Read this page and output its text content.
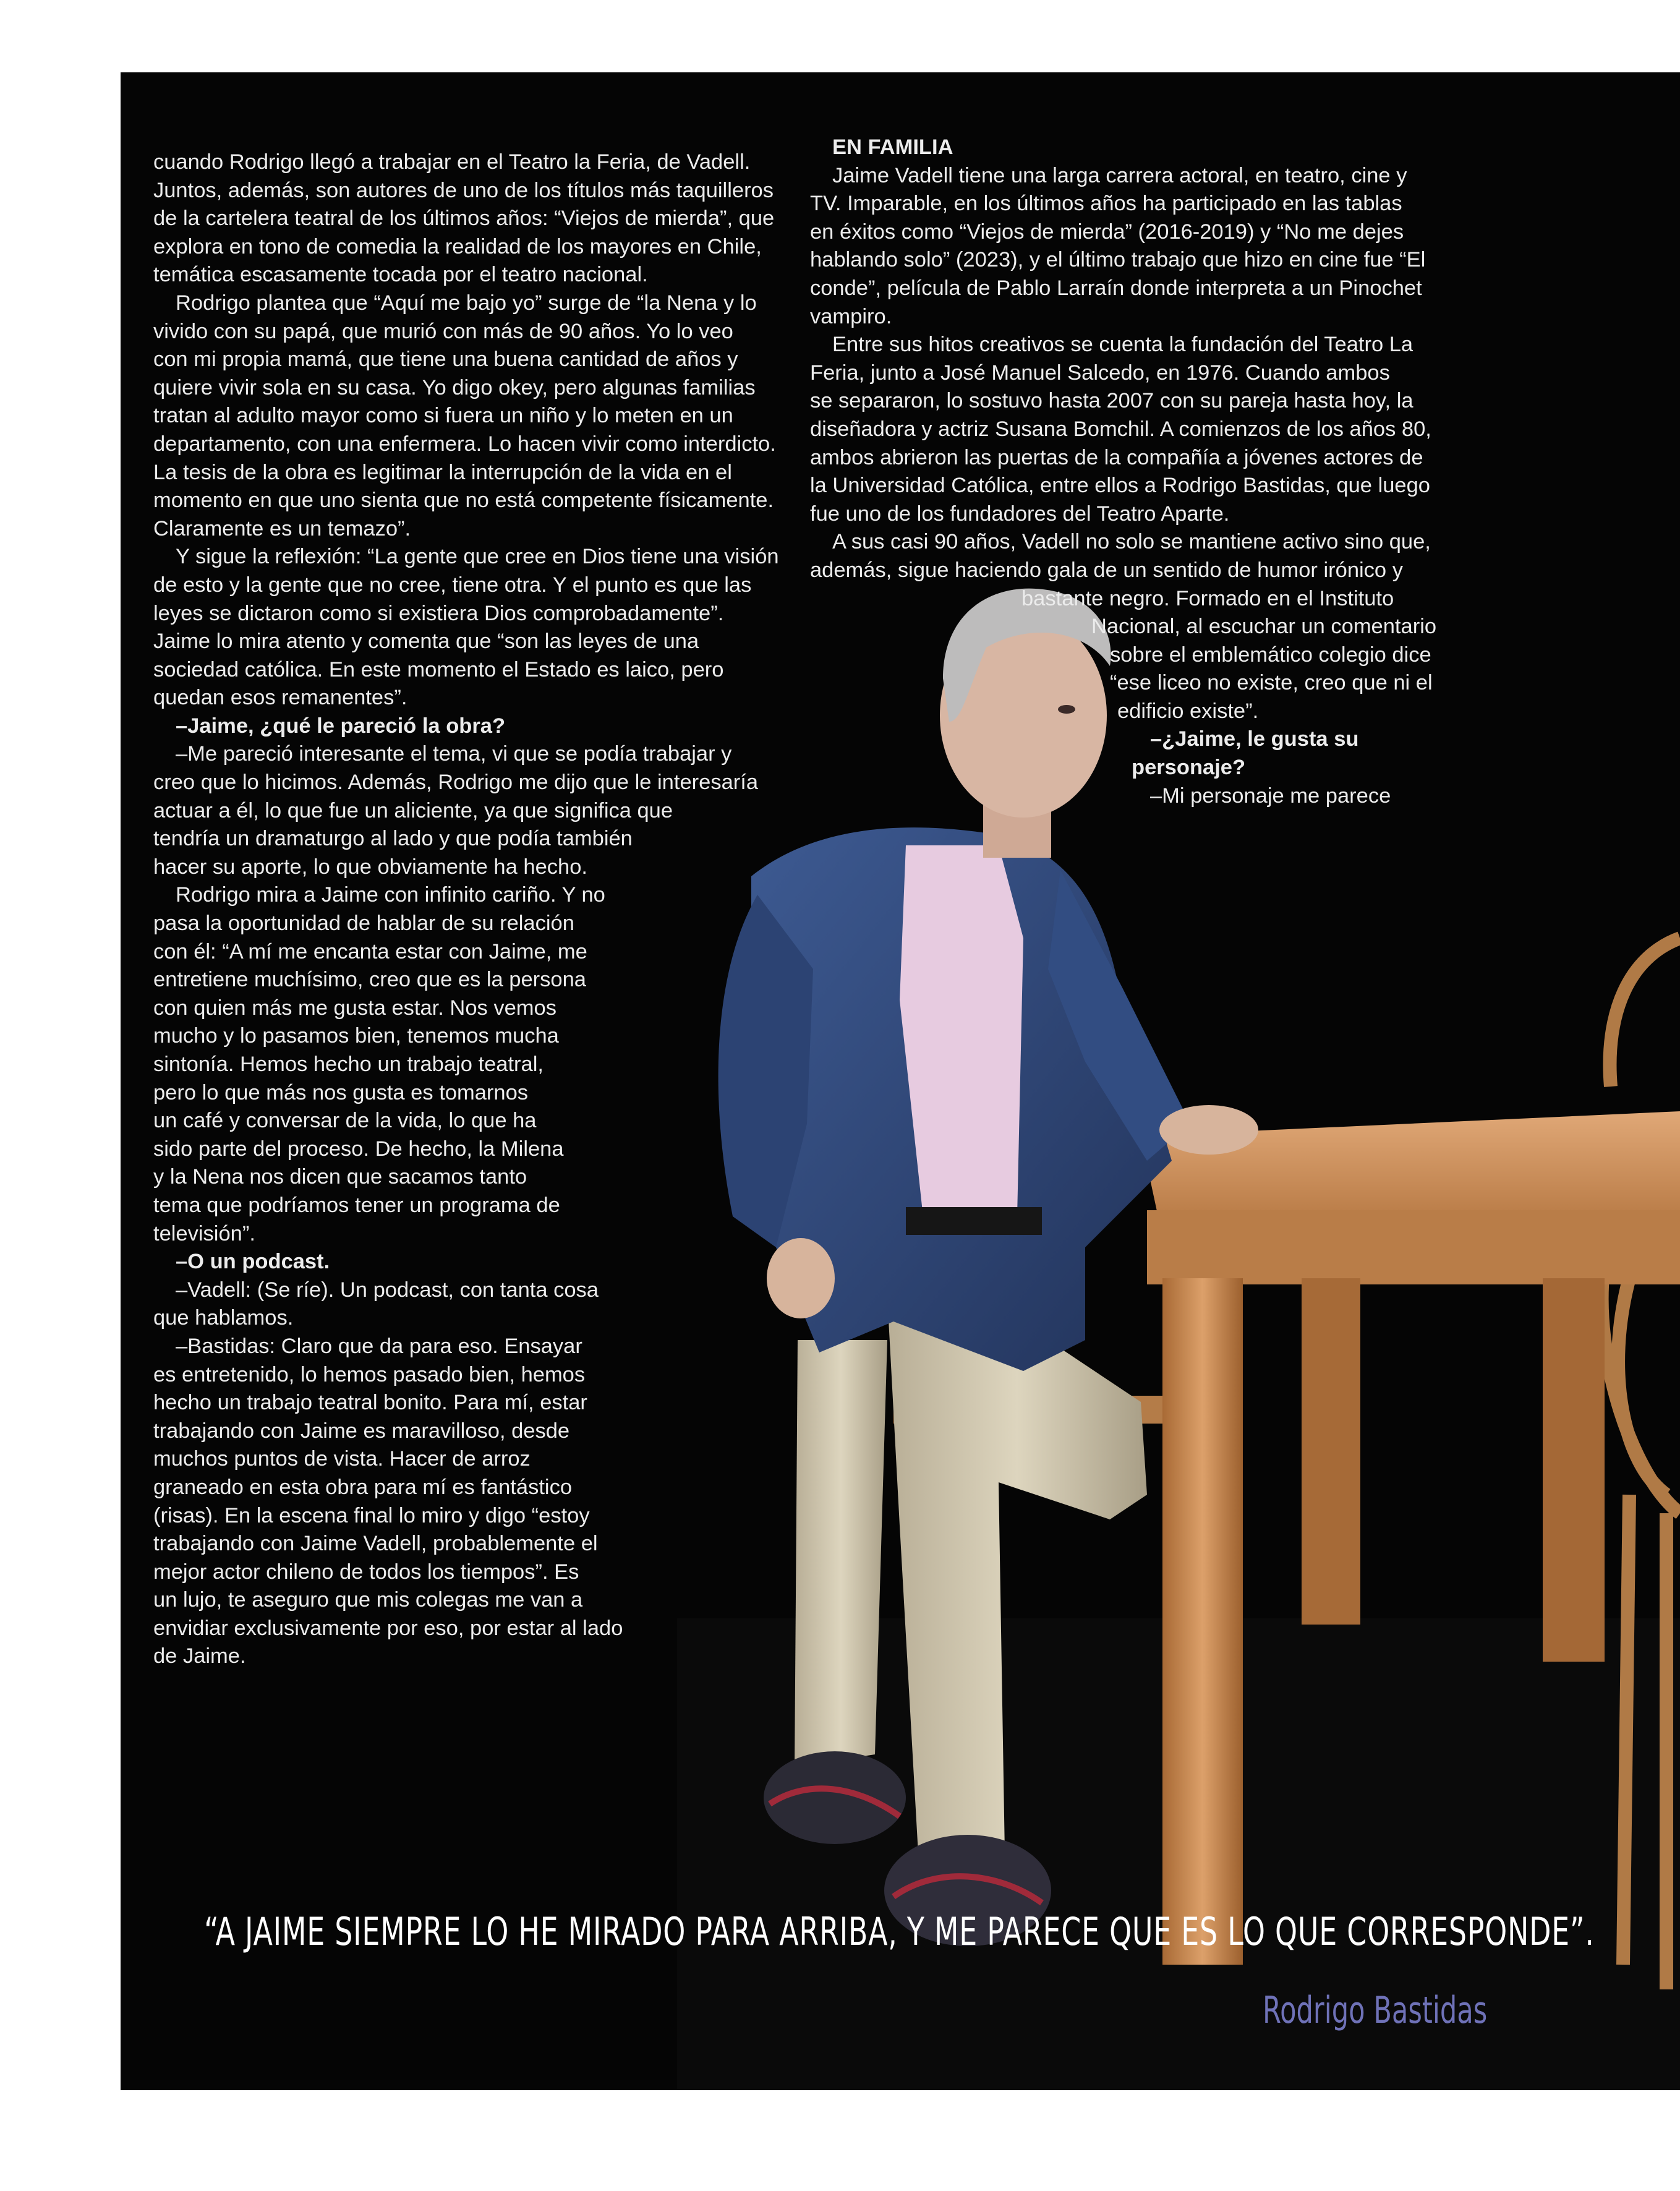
cuando Rodrigo llegó a trabajar en el Teatro la Feria, de Vadell.

Juntos, además, son autores de uno de los títulos más taquilleros

de la cartelera teatral de los últimos años: “Viejos de mierda”, que

explora en tono de comedia la realidad de los mayores en Chile,

temática escasamente tocada por el teatro nacional.

Rodrigo plantea que “Aquí me bajo yo” surge de “la Nena y lo

vivido con su papá, que murió con más de 90 años. Yo lo veo

con mi propia mamá, que tiene una buena cantidad de años y

quiere vivir sola en su casa. Yo digo okey, pero algunas familias

tratan al adulto mayor como si fuera un niño y lo meten en un

departamento, con una enfermera. Lo hacen vivir como interdicto.

La tesis de la obra es legitimar la interrupción de la vida en el

momento en que uno sienta que no está competente físicamente.

Claramente es un temazo”.

Y sigue la reflexión: “La gente que cree en Dios tiene una visión

de esto y la gente que no cree, tiene otra. Y el punto es que las

leyes se dictaron como si existiera Dios comprobadamente”.

Jaime lo mira atento y comenta que “son las leyes de una

sociedad católica. En este momento el Estado es laico, pero

quedan esos remanentes”.

–Jaime, ¿qué le pareció la obra?

–Me pareció interesante el tema, vi que se podía trabajar y

creo que lo hicimos. Además, Rodrigo me dijo que le interesaría

actuar a él, lo que fue un aliciente, ya que significa que

tendría un dramaturgo al lado y que podía también

hacer su aporte, lo que obviamente ha hecho.

Rodrigo mira a Jaime con infinito cariño. Y no

pasa la oportunidad de hablar de su relación

con él: “A mí me encanta estar con Jaime, me

entretiene muchísimo, creo que es la persona

con quien más me gusta estar. Nos vemos

mucho y lo pasamos bien, tenemos mucha

sintonía. Hemos hecho un trabajo teatral,

pero lo que más nos gusta es tomarnos

un café y conversar de la vida, lo que ha

sido parte del proceso. De hecho, la Milena

y la Nena nos dicen que sacamos tanto

tema que podríamos tener un programa de

televisión”.

–O un podcast.

–Vadell: (Se ríe). Un podcast, con tanta cosa

que hablamos.

–Bastidas: Claro que da para eso. Ensayar

es entretenido, lo hemos pasado bien, hemos

hecho un trabajo teatral bonito. Para mí, estar

trabajando con Jaime es maravilloso, desde

muchos puntos de vista. Hacer de arroz

graneado en esta obra para mí es fantástico

(risas). En la escena final lo miro y digo “estoy

trabajando con Jaime Vadell, probablemente el

mejor actor chileno de todos los tiempos”. Es

un lujo, te aseguro que mis colegas me van a

envidiar exclusivamente por eso, por estar al lado

de Jaime.

EN FAMILIA

Jaime Vadell tiene una larga carrera actoral, en teatro, cine y

TV. Imparable, en los últimos años ha participado en las tablas

en éxitos como “Viejos de mierda” (2016-2019) y “No me dejes

hablando solo” (2023), y el último trabajo que hizo en cine fue “El

conde”, película de Pablo Larraín donde interpreta a un Pinochet

vampiro.

Entre sus hitos creativos se cuenta la fundación del Teatro La

Feria, junto a José Manuel Salcedo, en 1976. Cuando ambos

se separaron, lo sostuvo hasta 2007 con su pareja hasta hoy, la

diseñadora y actriz Susana Bomchil. A comienzos de los años 80,

ambos abrieron las puertas de la compañía a jóvenes actores de

la Universidad Católica, entre ellos a Rodrigo Bastidas, que luego

fue uno de los fundadores del Teatro Aparte.

A sus casi 90 años, Vadell no solo se mantiene activo sino que,

además, sigue haciendo gala de un sentido de humor irónico y

bastante negro. Formado en el Instituto

Nacional, al escuchar un comentario

sobre el emblemático colegio dice

“ese liceo no existe, creo que ni el

edificio existe”.

–¿Jaime, le gusta su

personaje?

–Mi personaje me parece

“A JAIME SIEMPRE LO HE MIRADO PARA ARRIBA, Y ME PARECE QUE ES LO QUE CORRESPONDE”.
Rodrigo Bastidas
